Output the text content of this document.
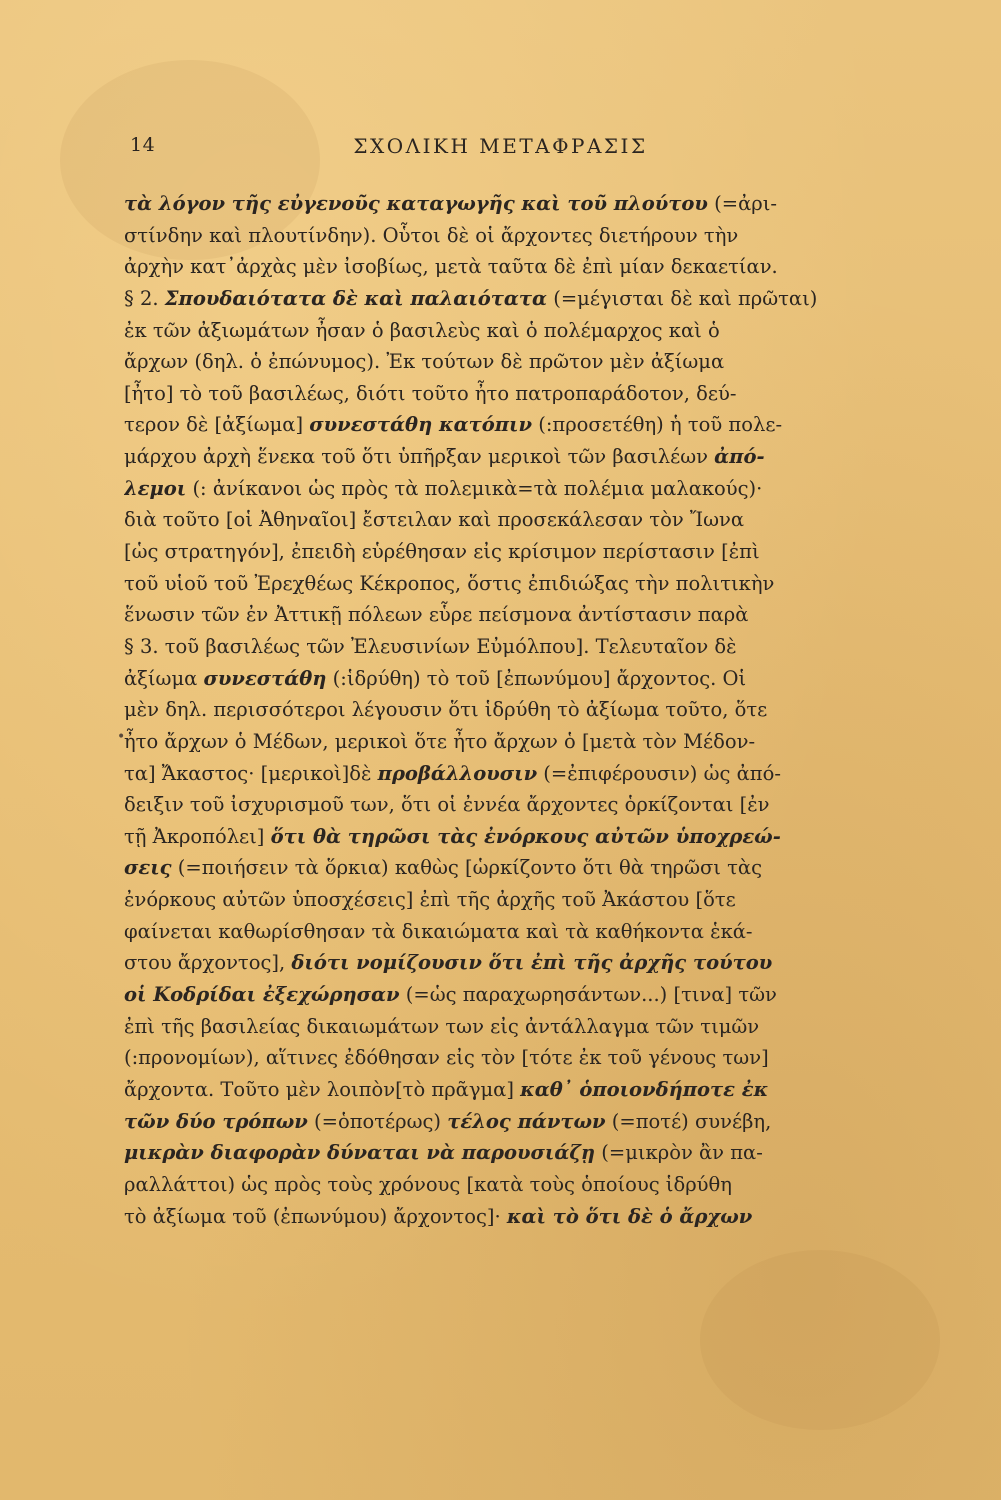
14	ΣΧΟΛΙΚΗ ΜΕΤΑΦΡΑΣΙΣ
•
τὰ λόγον τῆς εὐγενοῦς καταγωγῆς καὶ τοῦ πλούτου (=ἀρι-
στίνδην καὶ πλουτίνδην). Οὗτοι δὲ οἱ ἄρχοντες διετήρουν τὴν
ἀρχὴν κατ᾽ἀρχὰς μὲν ἰσοβίως, μετὰ ταῦτα δὲ ἐπὶ μίαν δεκαετίαν.
§ 2. Σπουδαιότατα δὲ καὶ παλαιότατα (=μέγισται δὲ καὶ πρῶται)
ἐκ τῶν ἀξιωμάτων ἦσαν ὁ βασιλεὺς καὶ ὁ πολέμαρχος καὶ ὁ
ἄρχων (δηλ. ὁ ἐπώνυμος). Ἐκ τούτων δὲ πρῶτον μὲν ἀξίωμα
[ἦτο] τὸ τοῦ βασιλέως, διότι τοῦτο ἦτο πατροπαράδοτον, δεύ-
τερον δὲ [ἀξίωμα] συνεστάθη κατόπιν (:προσετέθη) ἡ τοῦ πολε-
μάρχου ἀρχὴ ἕνεκα τοῦ ὅτι ὑπῆρξαν μερικοὶ τῶν βασιλέων ἀπό-
λεμοι (: ἀνίκανοι ὡς πρὸς τὰ πολεμικὰ=τὰ πολέμια μαλακούς)·
διὰ τοῦτο [οἱ Ἀθηναῖοι] ἔστειλαν καὶ προσεκάλεσαν τὸν Ἴωνα
[ὡς στρατηγόν], ἐπειδὴ εὑρέθησαν εἰς κρίσιμον περίστασιν [ἐπὶ
τοῦ υἱοῦ τοῦ Ἐρεχθέως Κέκροπος, ὅστις ἐπιδιώξας τὴν πολιτικὴν
ἕνωσιν τῶν ἐν Ἀττικῇ πόλεων εὗρε πείσμονα ἀντίστασιν παρὰ
§ 3. τοῦ βασιλέως τῶν Ἐλευσινίων Εὐμόλπου]. Τελευταῖον δὲ
ἀξίωμα συνεστάθη (:ἱδρύθη) τὸ τοῦ [ἐπωνύμου] ἄρχοντος. Οἱ
μὲν δηλ. περισσότεροι λέγουσιν ὅτι ἱδρύθη τὸ ἀξίωμα τοῦτο, ὅτε
ἦτο ἄρχων ὁ Μέδων, μερικοὶ ὅτε ἦτο ἄρχων ὁ [μετὰ τὸν Μέδον-
τα] Ἄκαστος· [μερικοὶ]δὲ προβάλλουσιν (=ἐπιφέρουσιν) ὡς ἀπό-
δειξιν τοῦ ἰσχυρισμοῦ των, ὅτι οἱ ἐννέα ἄρχοντες ὁρκίζονται [ἐν
τῇ Ἀκροπόλει] ὅτι θὰ τηρῶσι τὰς ἐνόρκους αὐτῶν ὑποχρεώ-
σεις (=ποιήσειν τὰ ὅρκια) καθὼς [ὡρκίζοντο ὅτι θὰ τηρῶσι τὰς
ἐνόρκους αὐτῶν ὑποσχέσεις] ἐπὶ τῆς ἀρχῆς τοῦ Ἀκάστου [ὅτε
φαίνεται καθωρίσθησαν τὰ δικαιώματα καὶ τὰ καθήκοντα ἑκά-
στου ἄρχοντος], διότι νομίζουσιν ὅτι ἐπὶ τῆς ἀρχῆς τούτου
οἱ Κοδρίδαι ἐξεχώρησαν (=ὡς παραχωρησάντων...) [τινα] τῶν
ἐπὶ τῆς βασιλείας δικαιωμάτων των εἰς ἀντάλλαγμα τῶν τιμῶν
(:προνομίων), αἵτινες ἐδόθησαν εἰς τὸν [τότε ἐκ τοῦ γένους των]
ἄρχοντα. Τοῦτο μὲν λοιπὸν[τὸ πρᾶγμα] καθ᾽ ὁποιονδήποτε ἐκ
τῶν δύο τρόπων (=ὁποτέρως) τέλος πάντων (=ποτέ) συνέβη,
μικρὰν διαφορὰν δύναται νὰ παρουσιάζῃ (=μικρὸν ἂν πα-
ραλλάττοι) ὡς πρὸς τοὺς χρόνους [κατὰ τοὺς ὁποίους ἱδρύθη
τὸ ἀξίωμα τοῦ (ἐπωνύμου) ἄρχοντος]· καὶ τὸ ὅτι δὲ ὁ ἄρχων
